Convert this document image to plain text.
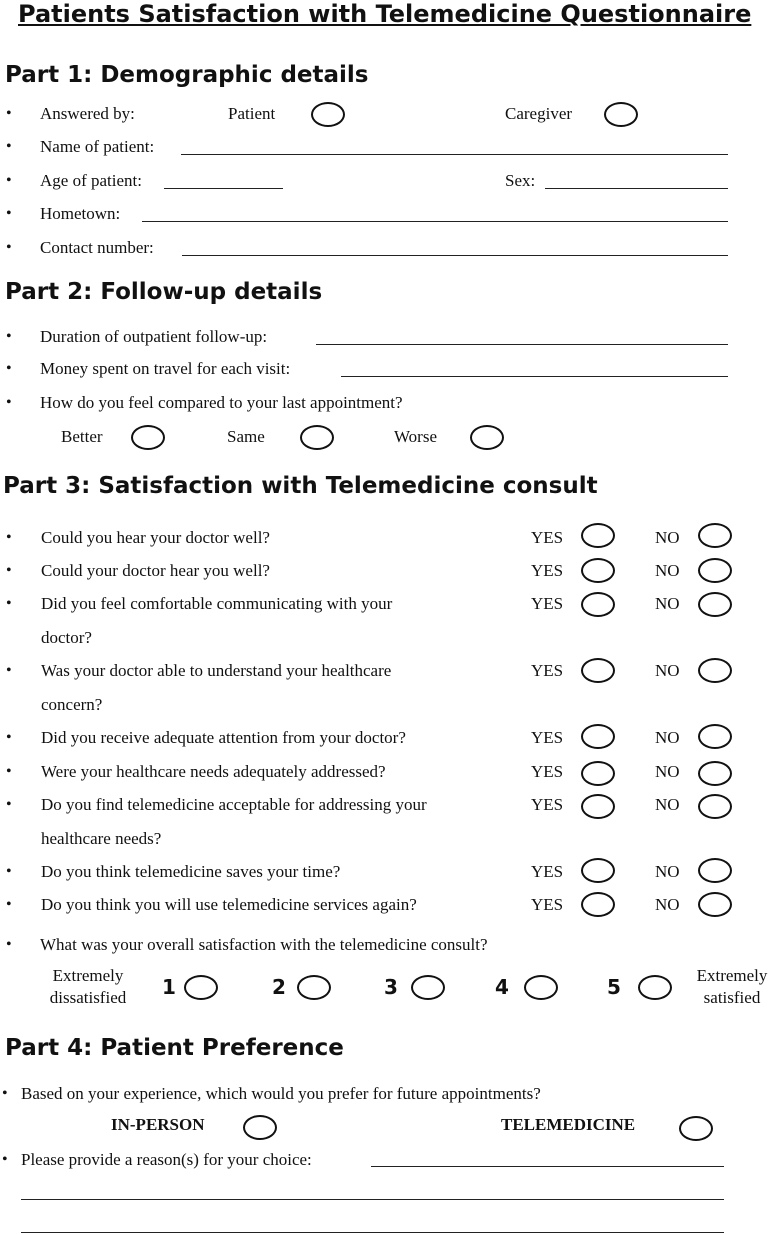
Patients Satisfaction with Telemedicine Questionnaire
Part 1: Demographic details
• Answered by:	Patient	Caregiver
• Name of patient:
• Age of patient:	Sex:
• Hometown:
• Contact number:
Part 2: Follow-up details
• Duration of outpatient follow-up:
• Money spent on travel for each visit:
• How do you feel compared to your last appointment?
Better	Same	Worse
Part 3: Satisfaction with Telemedicine consult
• Could you hear your doctor well?	YES	NO
• Could your doctor hear you well?	YES	NO
• Did you feel comfortable communicating with your
doctor?
YES	NO
• Was your doctor able to understand your healthcare
concern?
YES	NO
• Did you receive adequate attention from your doctor?	YES	NO
• Were your healthcare needs adequately addressed?	YES	NO
• Do you find telemedicine acceptable for addressing your
healthcare needs?
YES	NO
• Do you think telemedicine saves your time?	YES	NO
• Do you think you will use telemedicine services again?	YES	NO
• What was your overall satisfaction with the telemedicine consult?
Extremely
dissatisfied	1	2	3	4	5	Extremely
satisfied
Part 4: Patient Preference
• Based on your experience, which would you prefer for future appointments?
IN-PERSON	TELEMEDICINE
• Please provide a reason(s) for your choice:
